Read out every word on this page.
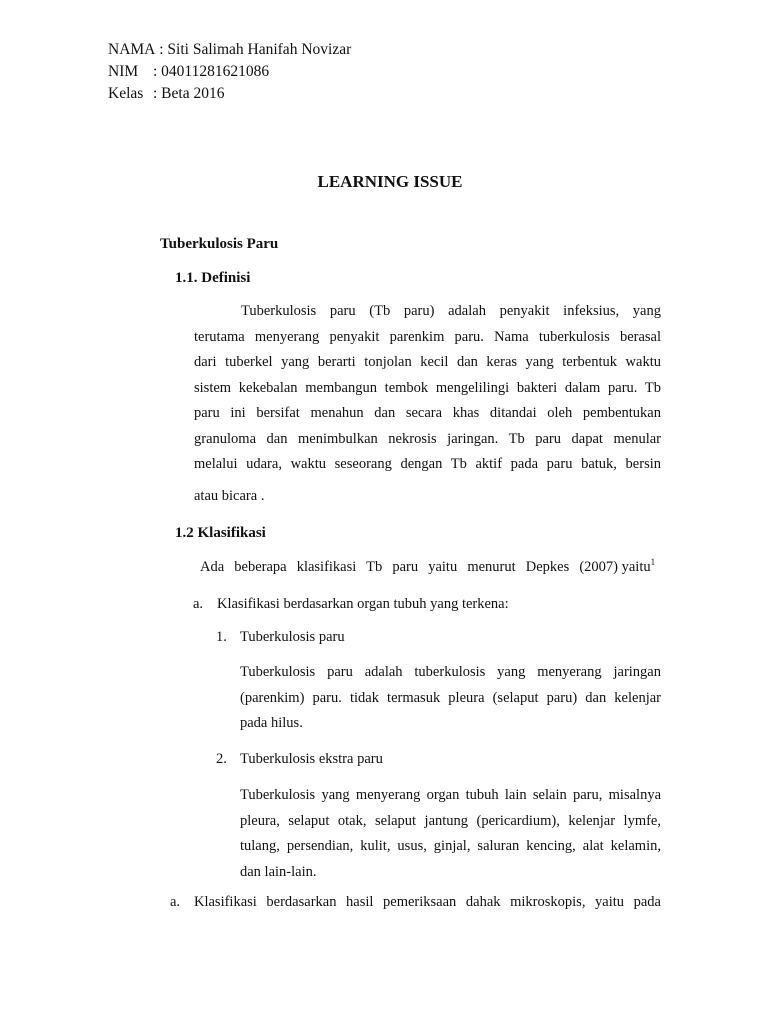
NAMA : Siti Salimah Hanifah Novizar
NIM : 04011281621086
Kelas : Beta 2016
LEARNING ISSUE
Tuberkulosis Paru
1.1. Definisi
Tuberkulosis paru (Tb paru) adalah penyakit infeksius, yang
terutama menyerang penyakit parenkim paru. Nama tuberkulosis berasal
dari tuberkel yang berarti tonjolan kecil dan keras yang terbentuk waktu
sistem kekebalan membangun tembok mengelilingi bakteri dalam paru. Tb
paru ini bersifat menahun dan secara khas ditandai oleh pembentukan
granuloma dan menimbulkan nekrosis jaringan. Tb paru dapat menular
melalui udara, waktu seseorang dengan Tb aktif pada paru batuk, bersin
atau bicara .
1.2 Klasifikasi
Ada beberapa klasifikasi Tb paru yaitu menurut Depkes (2007) yaitu$^1$
a. Klasifikasi berdasarkan organ tubuh yang terkena:
1. Tuberkulosis paru
Tuberkulosis paru adalah tuberkulosis yang menyerang jaringan
(parenkim) paru. tidak termasuk pleura (selaput paru) dan kelenjar
pada hilus.
2. Tuberkulosis ekstra paru
Tuberkulosis yang menyerang organ tubuh lain selain paru, misalnya
pleura, selaput otak, selaput jantung (pericardium), kelenjar lymfe,
tulang, persendian, kulit, usus, ginjal, saluran kencing, alat kelamin,
dan lain-lain.
a. Klasifikasi berdasarkan hasil pemeriksaan dahak mikroskopis, yaitu pada
